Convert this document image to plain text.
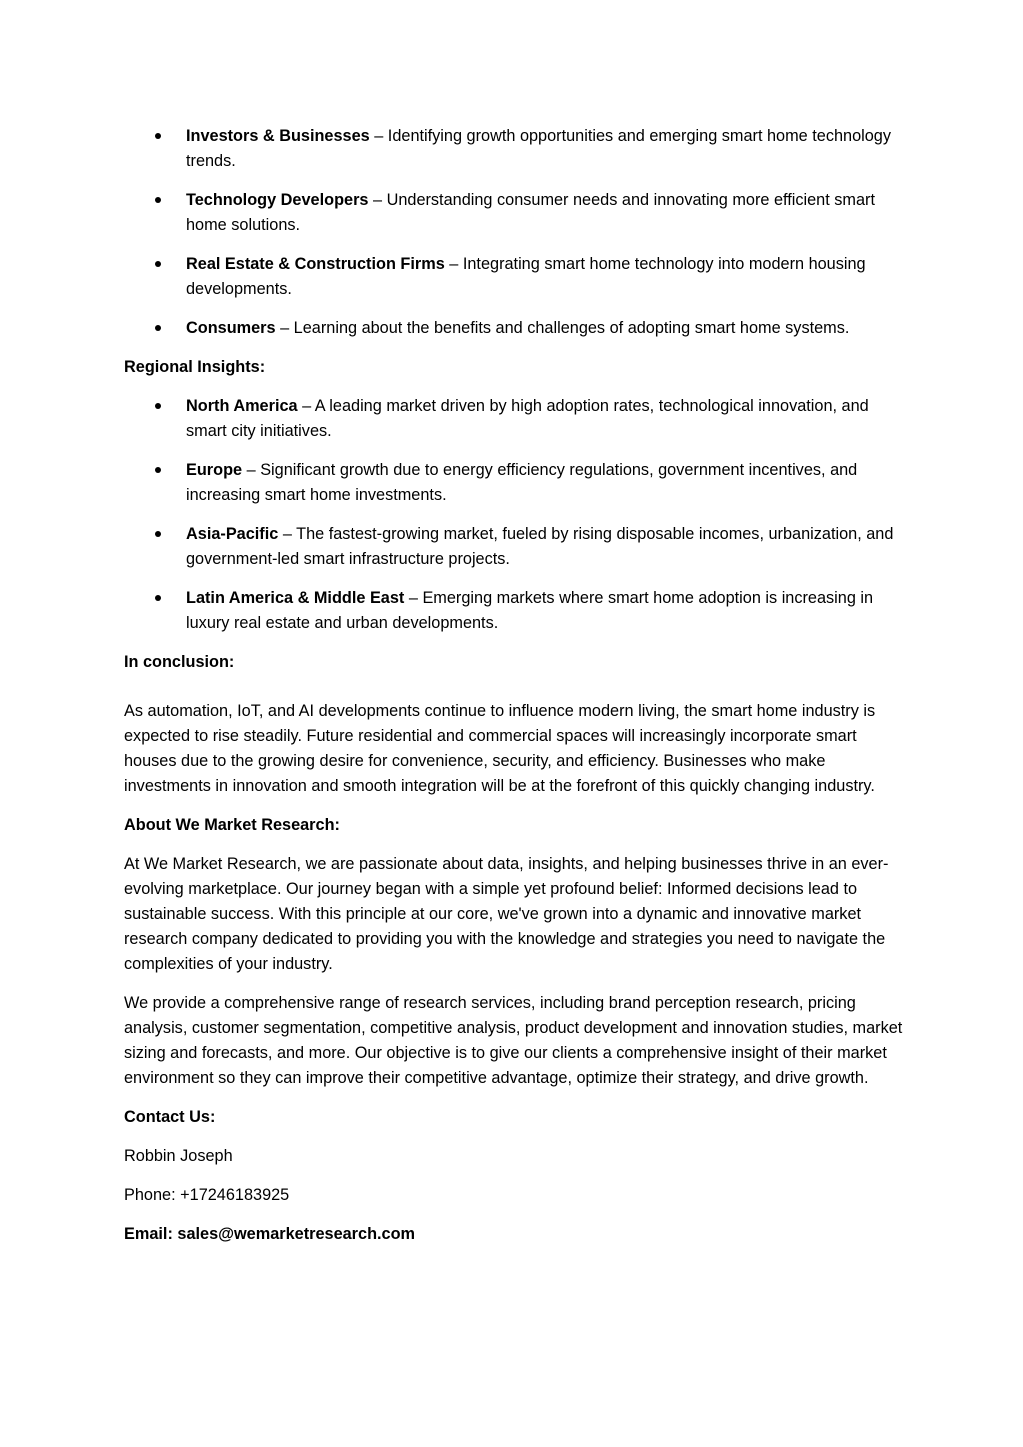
Investors & Businesses – Identifying growth opportunities and emerging smart home technology trends.
Technology Developers – Understanding consumer needs and innovating more efficient smart home solutions.
Real Estate & Construction Firms – Integrating smart home technology into modern housing developments.
Consumers – Learning about the benefits and challenges of adopting smart home systems.
Regional Insights:
North America – A leading market driven by high adoption rates, technological innovation, and smart city initiatives.
Europe – Significant growth due to energy efficiency regulations, government incentives, and increasing smart home investments.
Asia-Pacific – The fastest-growing market, fueled by rising disposable incomes, urbanization, and government-led smart infrastructure projects.
Latin America & Middle East – Emerging markets where smart home adoption is increasing in luxury real estate and urban developments.
In conclusion:

As automation, IoT, and AI developments continue to influence modern living, the smart home industry is expected to rise steadily. Future residential and commercial spaces will increasingly incorporate smart houses due to the growing desire for convenience, security, and efficiency. Businesses who make investments in innovation and smooth integration will be at the forefront of this quickly changing industry.

About We Market Research:

At We Market Research, we are passionate about data, insights, and helping businesses thrive in an ever-evolving marketplace. Our journey began with a simple yet profound belief: Informed decisions lead to sustainable success. With this principle at our core, we've grown into a dynamic and innovative market research company dedicated to providing you with the knowledge and strategies you need to navigate the complexities of your industry.

We provide a comprehensive range of research services, including brand perception research, pricing analysis, customer segmentation, competitive analysis, product development and innovation studies, market sizing and forecasts, and more. Our objective is to give our clients a comprehensive insight of their market environment so they can improve their competitive advantage, optimize their strategy, and drive growth.

Contact Us:

Robbin Joseph

Phone: +17246183925

Email: sales@wemarketresearch.com
